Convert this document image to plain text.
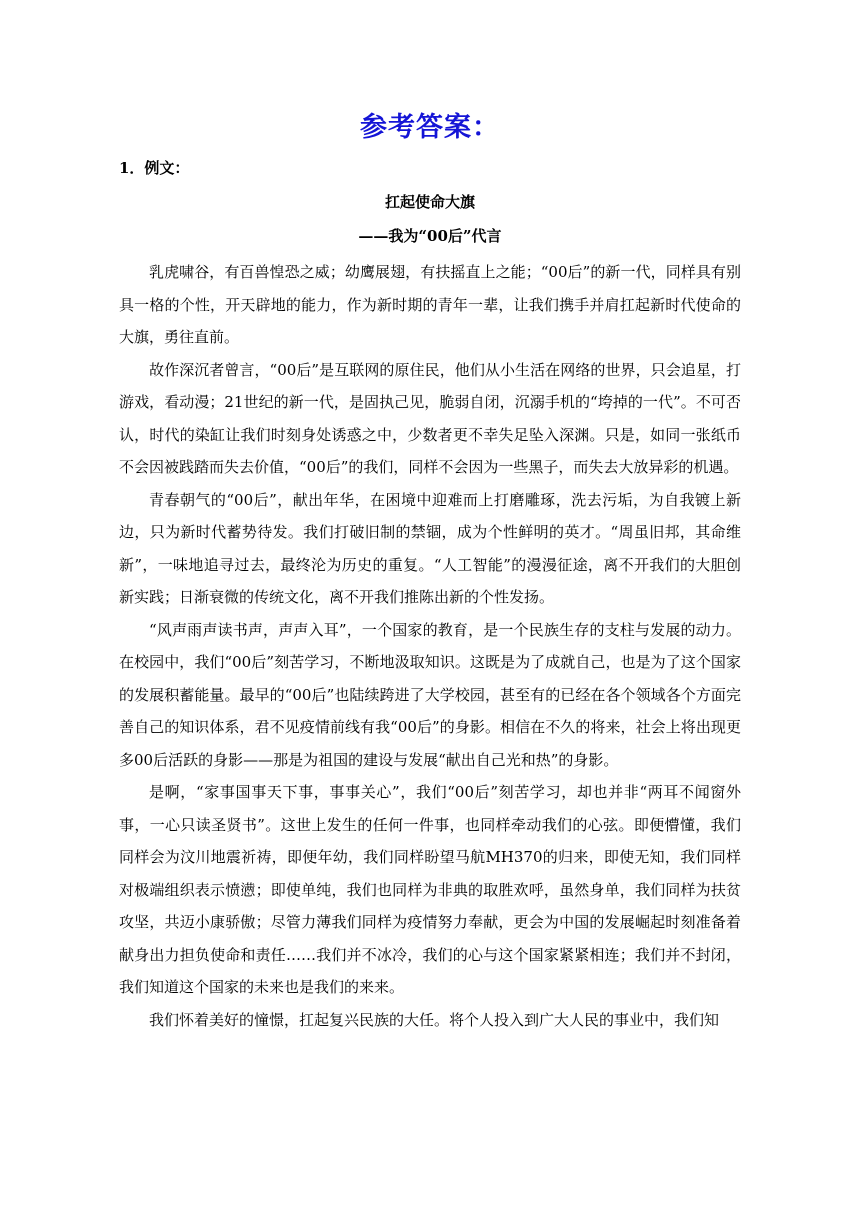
参考答案：
1．例文：
扛起使命大旗
——我为“00后”代言

乳虎啸谷，有百兽惶恐之威；幼鹰展翅，有扶摇直上之能；“00后”的新一代，同样具有别具一格的个性，开天辟地的能力，作为新时期的青年一辈，让我们携手并肩扛起新时代使命的大旗，勇往直前。

故作深沉者曾言，“00后”是互联网的原住民，他们从小生活在网络的世界，只会追星，打游戏，看动漫；21世纪的新一代，是固执己见，脆弱自闭，沉溺手机的“垮掉的一代”。不可否认，时代的染缸让我们时刻身处诱惑之中，少数者更不幸失足坠入深渊。只是，如同一张纸币不会因被践踏而失去价值，“00后”的我们，同样不会因为一些黑子，而失去大放异彩的机遇。

青春朝气的“00后”，献出年华，在困境中迎难而上打磨雕琢，洗去污垢，为自我镀上新边，只为新时代蓄势待发。我们打破旧制的禁锢，成为个性鲜明的英才。“周虽旧邦，其命维新”，一味地追寻过去，最终沦为历史的重复。“人工智能”的漫漫征途，离不开我们的大胆创新实践；日渐衰微的传统文化，离不开我们推陈出新的个性发扬。

“风声雨声读书声，声声入耳”，一个国家的教育，是一个民族生存的支柱与发展的动力。在校园中，我们“00后”刻苦学习，不断地汲取知识。这既是为了成就自己，也是为了这个国家的发展积蓄能量。最早的“00后”也陆续跨进了大学校园，甚至有的已经在各个领域各个方面完善自己的知识体系，君不见疫情前线有我“00后”的身影。相信在不久的将来，社会上将出现更多00后活跃的身影——那是为祖国的建设与发展“献出自己光和热”的身影。

是啊，“家事国事天下事，事事关心”，我们“00后”刻苦学习，却也并非“两耳不闻窗外事，一心只读圣贤书”。这世上发生的任何一件事，也同样牵动我们的心弦。即便懵懂，我们同样会为汶川地震祈祷，即便年幼，我们同样盼望马航MH370的归来，即使无知，我们同样对极端组织表示愤懑；即使单纯，我们也同样为非典的取胜欢呼，虽然身单，我们同样为扶贫攻坚，共迈小康骄傲；尽管力薄我们同样为疫情努力奉献，更会为中国的发展崛起时刻准备着献身出力担负使命和责任……我们并不冰冷，我们的心与这个国家紧紧相连；我们并不封闭，我们知道这个国家的未来也是我们的来来。

我们怀着美好的憧憬，扛起复兴民族的大任。将个人投入到广大人民的事业中，我们知
